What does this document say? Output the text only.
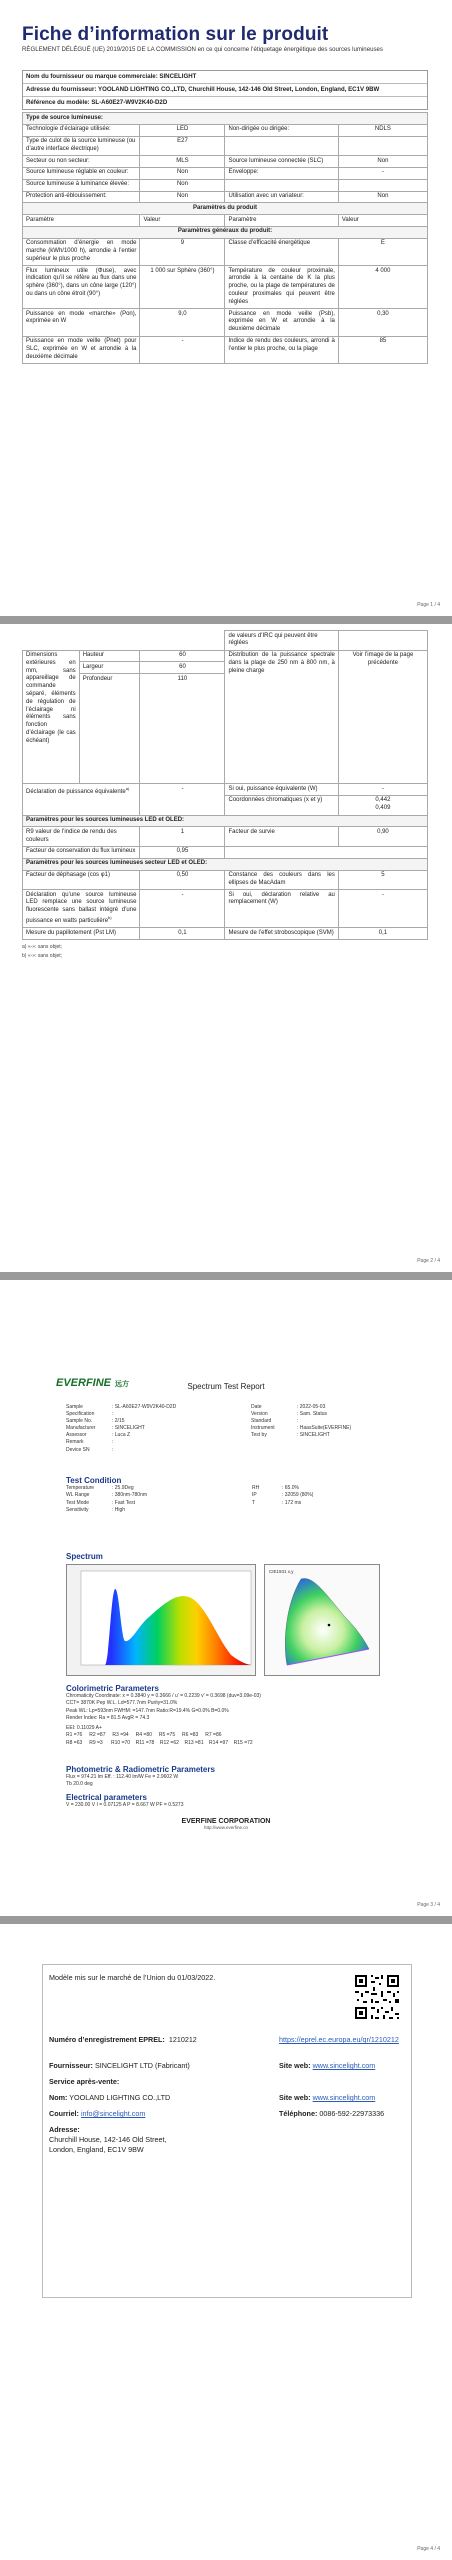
Fiche d’information sur le produit
RÈGLEMENT DÉLÉGUÉ (UE) 2019/2015 DE LA COMMISSION en ce qui concerne l’étiquetage énergétique des sources lumineuses
Nom du fournisseur ou marque commerciale: SINCELIGHT
Adresse du fournisseur: YOOLAND LIGHTING CO.,LTD, Churchill House, 142-146 Old Street, London, England, EC1V 9BW
Référence du modèle: SL-A60E27-W9V2K40-D2D
Type de source lumineuse:			
Technologie d’éclairage utilisée:	LED	Non-dirigée ou dirigée:	NDLS
Type de culot de la source lumineuse (ou d’autre interface électrique)	E27		
Secteur ou non secteur:	MLS	Source lumineuse connectée (SLC)	Non
Source lumineuse réglable en couleur:	Non	Enveloppe:	-
Source lumineuse à luminance élevée:	Non		
Protection anti-éblouissement:	Non	Utilisation avec un variateur:	Non
Paramètres du produit			
Paramètre	Valeur	Paramètre	Valeur
Paramètres généraux du produit:			
Consommation d’énergie en mode marche (kWh/1000 h), arrondie à l’entier supérieur le plus proche	9	Classe d’efficacité énergétique	E
Flux lumineux utile (Φuse), avec indication qu’il se réfère au flux dans une sphère (360°), dans un cône large (120°) ou dans un cône étroit (90°)	1 000 sur Sphère (360°)	Température de couleur proximale, arrondie à la centaine de K la plus proche, ou la plage de températures de couleur proximales qui peuvent être réglées	4 000
Puissance en mode «marche» (Pon), exprimée en W	9,0	Puissance en mode veille (Psb), exprimée en W et arrondie à la deuxième décimale	0,30
Puissance en mode veille (Pnet) pour SLC, exprimée en W et arrondie à la deuxième décimale	-	Indice de rendu des couleurs, arrondi à l’entier le plus proche, ou la plage	85
Page 1 / 4
			de valeurs d’IRC qui peuvent être réglées	
Dimensions extérieures en mm, sans appareillage de commande séparé, éléments de régulation de l’éclairage ni éléments sans fonction d’éclairage (le cas échéant)	Hauteur	60	Distribution de la puissance spectrale dans la plage de 250 nm à 800 nm, à pleine charge	Voir l’image de la page précédente
	Largeur	60		
	Profondeur	110		
Déclaration de puissance équivalente$^{a)}$		-	Si oui, puissance équivalente (W)	-
			Coordonnées chromatiques (x et y)	0,442
0,409

Paramètres pour les sources lumineuses LED et OLED:				
R9 valeur de l’indice de rendu des couleurs		1	Facteur de survie	0,90
Facteur de conservation du flux lumineux		0,95		
Paramètres pour les sources lumineuses secteur LED et OLED:				
Facteur de déphasage (cos φ1)		0,50	Constance des couleurs dans les ellipses de MacAdam	5
Déclaration qu’une source lumineuse LED remplace une source lumineuse fluorescente sans ballast intégré d’une puissance en watts particulière$^{b)}$		-	Si oui, déclaration relative au remplacement (W)	-
Mesure du papillotement (Pst LM)		0,1	Mesure de l’effet stroboscopique (SVM)	0,1
a) «-»: sans objet;
b) «-»: sans objet;
Page 2 / 4
EVERFINE 远方	Spectrum Test Report
Sample	: SL-A60E27-W9V2K40-D2D
Specification	:
Sample No.	: 2/15
Manufacturer	: SINCELIGHT
Assessor	: Luca Z
Remark	:
Device SN	:
Date	: 2022-05-03
Version	: Sam. Status
Standard	:
Instrument	: HaasSuite(EVERFINE)
Test by	: SINCELIGHT
Test Condition
Temperature	: 25.9Deg	RH	: 65.0%
WL Range	: 380nm-780nm	IP	: 32059 (80%)
Test Mode	: Fast Test	T	: 172 ms
Sensitivity	: High
Spectrum
CIE1931 x,y
Colorimetric Parameters
Chromaticity Coordinate: x = 0.3840 y = 0.3666 / u' = 0.2239 v' = 0.3698 (duv=3.09e-03)
CCT= 3870K Pep W.L. Ld=577.7nm Purity=31.0%
Peak WL: Lp=593nm FWHM: =147.7nm Ratio:R=19.4% G=0.0% B=0.0%
Render Index: Ra = 81.5 AvgR = 74.3
EEI: 0.11029 A+
R1 =76     R2 =87     R3 =94     R4 =80     R5 =75     R6 =83     R7 =86
R8 =63     R9 =3      R10 =70    R11 =78    R12 =62    R13 =81    R14 =97    R15 =72
Photometric & Radiometric Parameters
Flux = 974.21 lm Eff. : 112.40 lm/W Fe = 2.9602 W
Tb 20.0 deg
Electrical parameters
V = 230.00 V I = 0.07125 A P = 8.667 W PF = 0.5273
EVERFINE CORPORATION
http://www.everfine.cn
Page 3 / 4
Modèle mis sur le marché de l’Union du 01/03/2022.
Numéro d’enregistrement EPREL: 1210212	https://eprel.ec.europa.eu/qr/1210212
Fournisseur: SINCELIGHT LTD (Fabricant)	Site web: www.sincelight.com
Service après-vente:
Nom: YOOLAND LIGHTING CO.,LTD	Site web: www.sincelight.com
Courriel: info@sincelight.com	Téléphone: 0086-592-22973336
Adresse:
Churchill House, 142-146 Old Street,
London, England, EC1V 9BW
Page 4 / 4
